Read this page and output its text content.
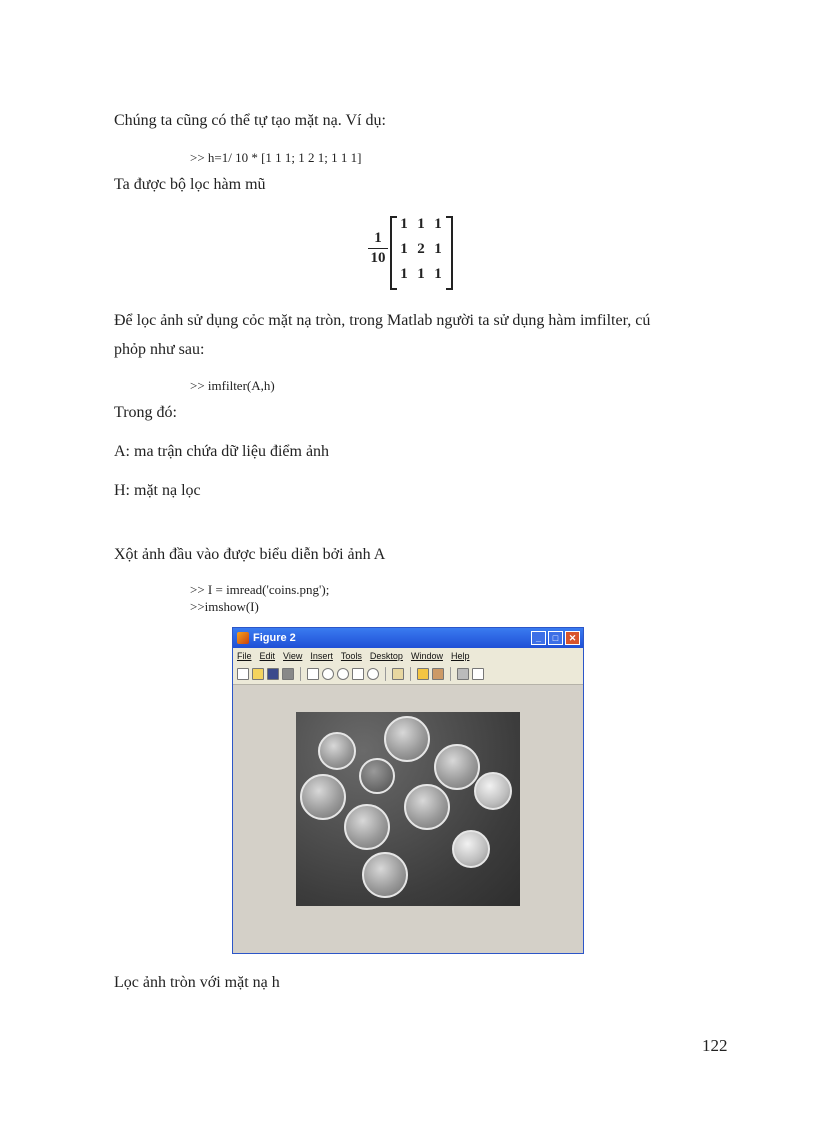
Chúng ta cũng có thể tự tạo mặt nạ. Ví dụ:
>> h=1/ 10 * [1 1 1; 1 2 1; 1 1 1]
Ta được bộ lọc hàm mũ
$\frac{1}{10}$
1 1 1
1 2 1
1 1 1
Để lọc ảnh sử dụng cỏc mặt nạ tròn, trong Matlab người ta sử dụng hàm imfilter, cú
phỏp như sau:
>> imfilter(A,h)
Trong đó:
A: ma trận chứa dữ liệu điểm ảnh
H: mặt nạ lọc
Xột ảnh đầu vào được biểu diễn bởi ảnh A
>> I = imread('coins.png');
>>imshow(I)
Figure 2	_	□	✕
File Edit View Insert Tools Desktop Window Help
Lọc ảnh tròn với mặt nạ h
122
